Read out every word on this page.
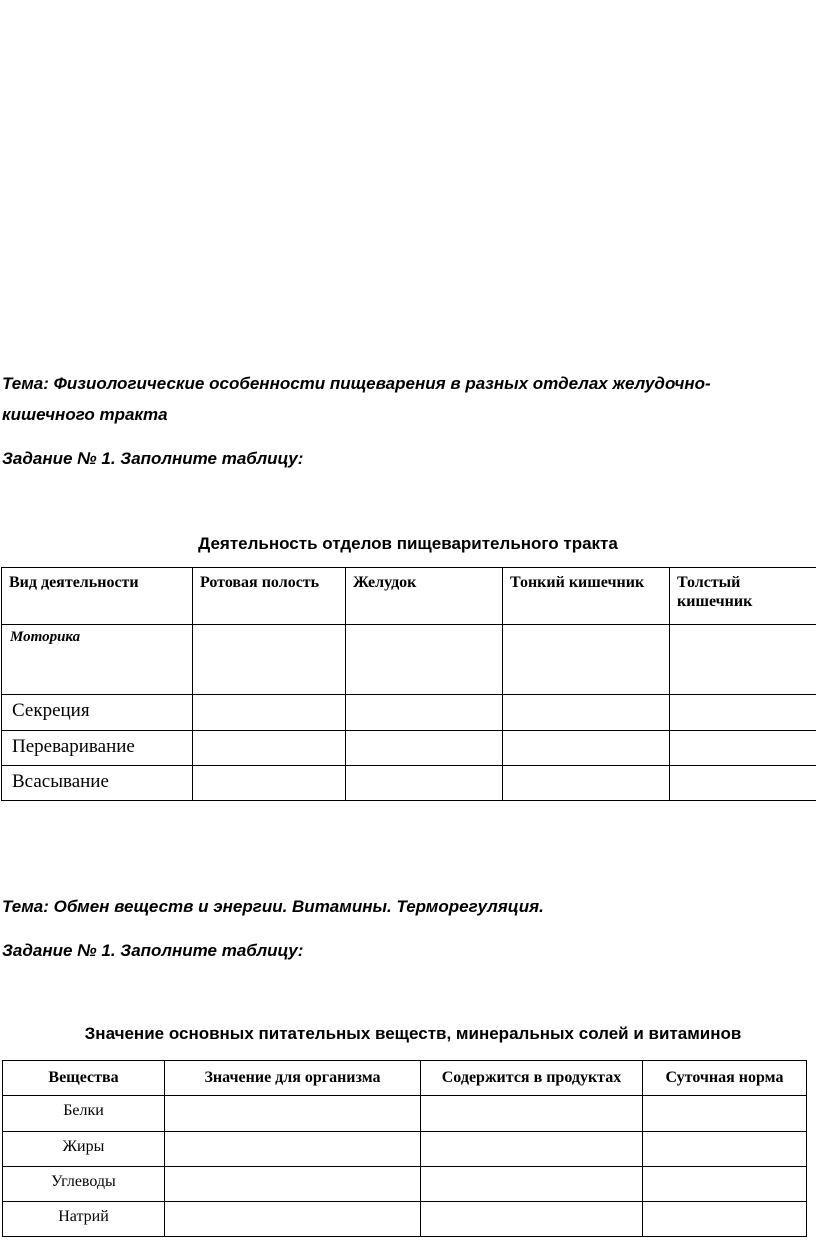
Тема: Физиологические особенности пищеварения в разных отделах желудочно-
кишечного тракта
Задание № 1. Заполните таблицу:
Деятельность отделов пищеварительного тракта
Вид деятельности	Ротовая полость	Желудок	Тонкий кишечник	Толстый кишечник
Моторика				
Секреция				
Переваривание				
Всасывание				
Тема: Обмен веществ и энергии. Витамины. Терморегуляция.
Задание № 1. Заполните таблицу:
Значение основных питательных веществ, минеральных солей и витаминов
Вещества	Значение для организма	Содержится в продуктах	Суточная норма
Белки			
Жиры			
Углеводы			
Натрий			
